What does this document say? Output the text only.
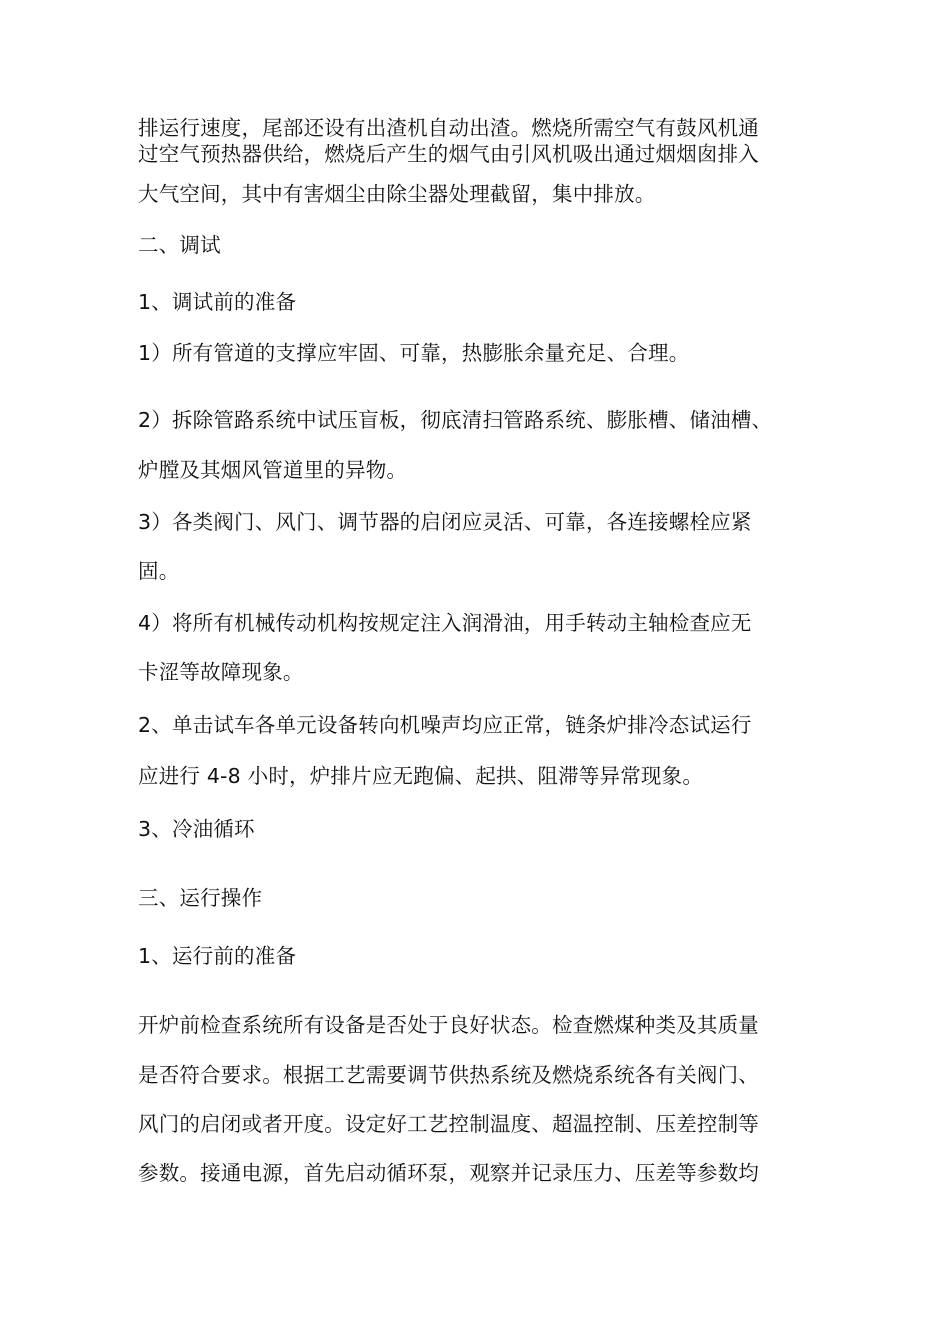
排运行速度，尾部还设有出渣机自动出渣。燃烧所需空气有鼓风机通
过空气预热器供给，燃烧后产生的烟气由引风机吸出通过烟烟囱排入
大气空间，其中有害烟尘由除尘器处理截留，集中排放。
二、调试
1、调试前的准备
1）所有管道的支撑应牢固、可靠，热膨胀余量充足、合理。
2）拆除管路系统中试压盲板，彻底清扫管路系统、膨胀槽、储油槽、
炉膛及其烟风管道里的异物。
3）各类阀门、风门、调节器的启闭应灵活、可靠，各连接螺栓应紧
固。
4）将所有机械传动机构按规定注入润滑油，用手转动主轴检查应无
卡涩等故障现象。
2、单击试车各单元设备转向机噪声均应正常，链条炉排冷态试运行
应进行 4-8 小时，炉排片应无跑偏、起拱、阻滞等异常现象。
3、冷油循环
三、运行操作
1、运行前的准备
开炉前检查系统所有设备是否处于良好状态。检查燃煤种类及其质量
是否符合要求。根据工艺需要调节供热系统及燃烧系统各有关阀门、
风门的启闭或者开度。设定好工艺控制温度、超温控制、压差控制等
参数。接通电源，首先启动循环泵，观察并记录压力、压差等参数均
